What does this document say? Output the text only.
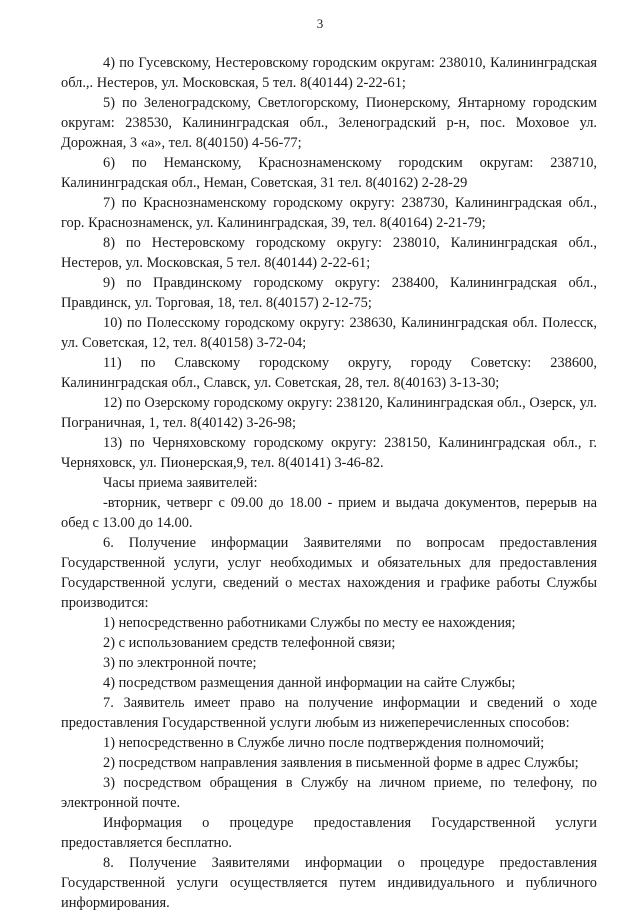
3

4) по Гусевскому, Нестеровскому городским округам: 238010, Калининградская обл.,. Нестеров, ул. Московская, 5 тел. 8(40144) 2-22-61;

5) по Зеленоградскому, Светлогорскому, Пионерскому, Янтарному городским округам: 238530, Калининградская обл., Зеленоградский р-н, пос. Моховое ул. Дорожная, 3 «а», тел. 8(40150) 4-56-77;

6) по Неманскому, Краснознаменскому городским округам: 238710, Калининградская обл., Неман, Советская, 31 тел. 8(40162) 2-28-29

7) по Краснознаменскому городскому округу: 238730, Калининградская обл., гор. Краснознаменск, ул. Калининградская, 39, тел. 8(40164) 2-21-79;

8) по Нестеровскому городскому округу: 238010, Калининградская обл., Нестеров, ул. Московская, 5 тел. 8(40144) 2-22-61;

9) по Правдинскому городскому округу: 238400, Калининградская обл., Правдинск, ул. Торговая, 18, тел. 8(40157) 2-12-75;

10) по Полесскому городскому округу: 238630, Калининградская обл. Полесск, ул. Советская, 12, тел. 8(40158) 3-72-04;

11) по Славскому городскому округу, городу Советску: 238600, Калининградская обл., Славск, ул. Советская, 28, тел. 8(40163) 3-13-30;

12) по Озерскому городскому округу: 238120, Калининградская обл., Озерск, ул. Пограничная, 1, тел. 8(40142) 3-26-98;

13) по Черняховскому городскому округу: 238150, Калининградская обл., г. Черняховск, ул. Пионерская,9, тел. 8(40141) 3-46-82.

Часы приема заявителей:

-вторник, четверг с 09.00 до 18.00 - прием и выдача документов, перерыв на обед с 13.00 до 14.00.

6. Получение информации Заявителями по вопросам предоставления Государственной услуги, услуг необходимых и обязательных для предоставления Государственной услуги, сведений о местах нахождения и графике работы Службы производится:

1) непосредственно работниками Службы по месту ее нахождения;

2) с использованием средств телефонной связи;

3) по электронной почте;

4) посредством размещения данной информации на сайте Службы;

7. Заявитель имеет право на получение информации и сведений о ходе предоставления Государственной услуги любым из нижеперечисленных способов:

1) непосредственно в Службе лично после подтверждения полномочий;

2) посредством направления заявления в письменной форме в адрес Службы;

3) посредством обращения в Службу на личном приеме, по телефону, по электронной почте.

Информация о процедуре предоставления Государственной услуги предоставляется бесплатно.

8. Получение Заявителями информации о процедуре предоставления Государственной услуги осуществляется путем индивидуального и публичного информирования.
